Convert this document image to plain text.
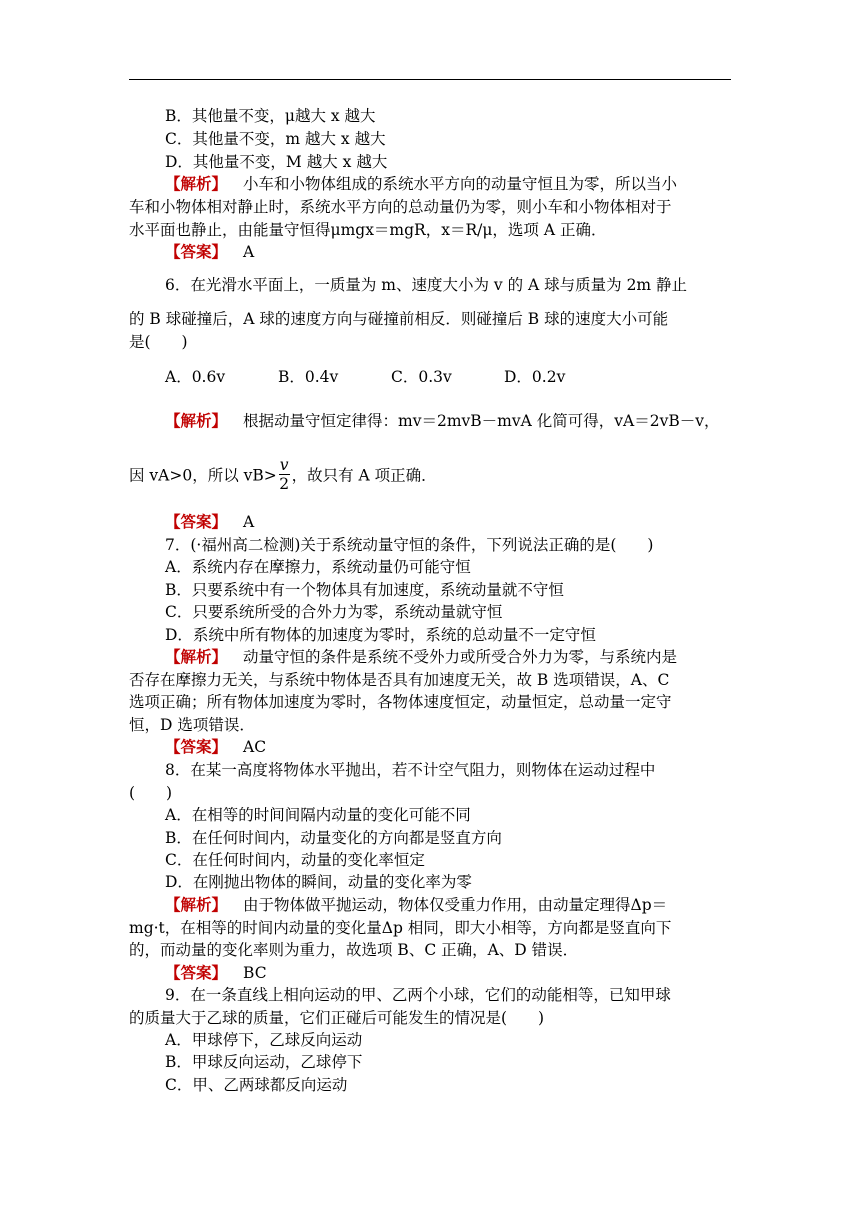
B．其他量不变，μ越大 x 越大
C．其他量不变，m 越大 x 越大
D．其他量不变，M 越大 x 越大
【解析】 小车和小物体组成的系统水平方向的动量守恒且为零，所以当小
车和小物体相对静止时，系统水平方向的总动量仍为零，则小车和小物体相对于
水平面也静止，由能量守恒得μmgx＝mgR，x＝R/μ，选项 A 正确．
【答案】 A
6．在光滑水平面上，一质量为 m、速度大小为 v 的 A 球与质量为 2m 静止
的 B 球碰撞后，A 球的速度方向与碰撞前相反．则碰撞后 B 球的速度大小可能
是(　　)
A．0.6v	B．0.4v	C．0.3v	D．0.2v
【解析】 根据动量守恒定律得：mv＝2mvB－mvA 化简可得，vA＝2vB－v，
因 vA>0，所以 $vB> \frac{v}{2}$ ，故只有 A 项正确．
【答案】 A
7．(·福州高二检测)关于系统动量守恒的条件，下列说法正确的是(　　)
A．系统内存在摩擦力，系统动量仍可能守恒
B．只要系统中有一个物体具有加速度，系统动量就不守恒
C．只要系统所受的合外力为零，系统动量就守恒
D．系统中所有物体的加速度为零时，系统的总动量不一定守恒
【解析】 动量守恒的条件是系统不受外力或所受合外力为零，与系统内是
否存在摩擦力无关，与系统中物体是否具有加速度无关，故 B 选项错误，A、C
选项正确；所有物体加速度为零时，各物体速度恒定，动量恒定，总动量一定守
恒，D 选项错误．
【答案】 AC
8．在某一高度将物体水平抛出，若不计空气阻力，则物体在运动过程中
(　　)
A．在相等的时间间隔内动量的变化可能不同
B．在任何时间内，动量变化的方向都是竖直方向
C．在任何时间内，动量的变化率恒定
D．在刚抛出物体的瞬间，动量的变化率为零
【解析】 由于物体做平抛运动，物体仅受重力作用，由动量定理得Δp＝
mg·t，在相等的时间内动量的变化量Δp 相同，即大小相等，方向都是竖直向下
的，而动量的变化率则为重力，故选项 B、C 正确，A、D 错误．
【答案】 BC
9．在一条直线上相向运动的甲、乙两个小球，它们的动能相等，已知甲球
的质量大于乙球的质量，它们正碰后可能发生的情况是(　　)
A．甲球停下，乙球反向运动
B．甲球反向运动，乙球停下
C．甲、乙两球都反向运动
